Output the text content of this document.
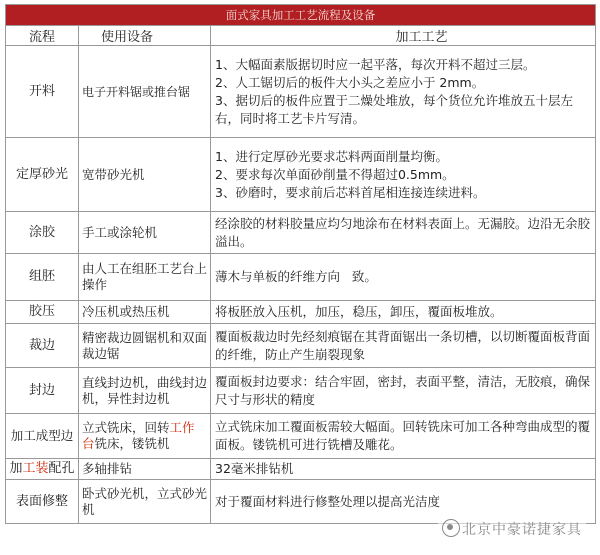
面式家具加工工艺流程及设备		
流程	使用设备	加工工艺
开料	电子开料锯或推台锯	1、大幅面素版据切时应一起平落，每次开料不超过三层。
2、人工锯切后的板件大小头之差应小于 2mm。
3、据切后的板件应置于二燥处堆放，每个货位允许堆放五十层左右，同时将工艺卡片写清。

定厚砂光	宽带砂光机	1、进行定厚砂光要求芯料两面削量均衡。
2、要求每次单面砂削量不得超过0.5mm。
3、砂磨时，要求前后芯料首尾相连接连续进料。

涂胶	手工或涂轮机	经涂胶的材料胶量应均匀地涂布在材料表面上。无漏胶。边沿无余胶溢出。
组胚	由人工在组胚工艺台上操作	薄木与单板的纤维方向   致。
胶压	冷压机或热压机	将板胚放入压机，加压，稳压，卸压，覆面板堆放。
裁边	精密裁边圆锯机和双面裁边锯	覆面板裁边时先经刻痕锯在其背面锯出一条切槽，以切断覆面板背面的纤维，防止产生崩裂现象
封边	直线封边机，曲线封边机，异性封边机	覆面板封边要求：结合牢固，密封，表面平整，清洁，无胶痕，确保尺寸与形状的精度
加工成型边	立式铣床，回转工作台铣床，镂铣机	立式铣床加工覆面板需较大幅面。回转铣床可加工各种弯曲成型的覆面板。镂铣机可进行铣槽及雕花。
加工装配孔	多轴排钻	32毫米排钻机
表面修整	卧式砂光机，立式砂光机	对于覆面材料进行修整处理以提高光洁度
北京中豪诺捷家具
